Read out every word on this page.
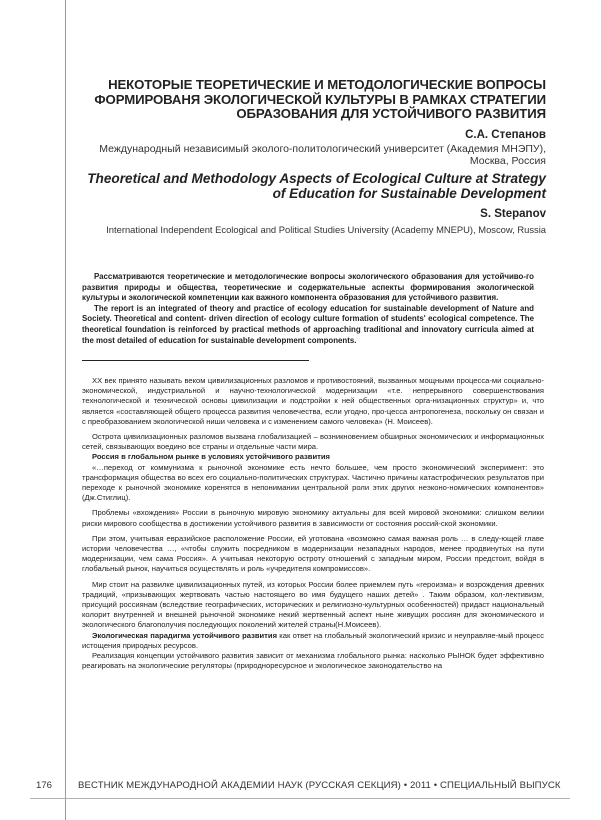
НЕКОТОРЫЕ ТЕОРЕТИЧЕСКИЕ И МЕТОДОЛОГИЧЕСКИЕ ВОПРОСЫ ФОРМИРОВАНЯ ЭКОЛОГИЧЕСКОЙ КУЛЬТУРЫ В РАМКАХ СТРАТЕГИИ ОБРАЗОВАНИЯ ДЛЯ УСТОЙЧИВОГО РАЗВИТИЯ
С.А. Степанов
Международный независимый эколого-политологический университет (Академия МНЭПУ), Москва, Россия
Theoretical and Methodology Aspects of Ecological Culture at Strategy of Education for Sustainable Development
S. Stepanov
International Independent Ecological and Political Studies University (Academy MNEPU), Moscow, Russia

Рассматриваются теоретические и методологические вопросы экологического образования для устойчиво-го развития природы и общества, теоретические и содержательные аспекты формирования экологической культуры и экологической компетенции как важного компонента образования для устойчивого развития.

The report is an integrated of theory and practice of ecology education for sustainable development of Nature and Society. Theoretical and content- driven direction of ecology culture formation of students' ecological competence. The theoretical foundation is reinforced by practical methods of approaching traditional and innovatory curricula aimed at the most detailed of education for sustainable development components.

XX век принято называть веком цивилизационных разломов и противостояний, вызванных мощными процесса-ми социально-экономической, индустриальной и научно-технологической модернизации «т.е. непрерывного совершенствования технологической и технической основы цивилизации и подстройки к ней общественных орга-низационных структур» и, что является «составляющей общего процесса развития человечества, если угодно, про-цесса антропогенеза, поскольку он связан и с преобразованием экологической ниши человека и с изменением самого человека» (Н. Моисеев).

Острота цивилизационных разломов вызвана глобализацией – возникновением обширных экономических и информационных сетей, связывающих воедино все страны и отдельные части мира.

Россия в глобальном рынке в условиях устойчивого развития

«…переход от коммунизма к рыночной экономике есть нечто большее, чем просто экономический эксперимент: это трансформация общества во всех его социально-политических структурах. Частично причины катастрофических результатов при переходе к рыночной экономике коренятся в непонимании центральной роли этих других неэконо-номических компонентов» (Дж.Стиглиц).

Проблемы «вхождения» России в рыночную мировую экономику актуальны для всей мировой экономики: слишком велики риски мирового сообщества в достижении устойчивого развития в зависимости от состояния россий-ской экономики.

При этом, учитывая евразийское расположение России, ей уготована «возможно самая важная роль … в следу-ющей главе истории человечества …, «чтобы служить посредником в модернизации незападных народов, менее продвинутых на пути модернизации, чем сама Россия». А учитывая некоторую остроту отношений с западным миром, России предстоит, войдя в глобальный рынок, научиться осуществлять и роль «учредителя компромиссов».

Мир стоит на развилке цивилизационных путей, из которых России более приемлем путь «героизма» и возрождения древних традиций, «призывающих жертвовать частью настоящего во имя будущего наших детей» . Таким образом, кол-лективизм, присущий россиянам (вследствие географических, исторических и религиозно-культурных особенностей) придаст национальный колорит внутренней и внешней рыночной экономике некий жертвенный аспект ныне живущих россиян для экономического и экологического благополучия последующих поколений жителей страны(Н.Моисеев).

Экологическая парадигма устойчивого развития как ответ на глобальный экологический кризис и неуправляе-мый процесс истощения природных ресурсов.

Реализация концепции устойчивого развития зависит от механизма глобального рынка: насколько РЫНОК будет эффективно реагировать на экологические регуляторы (природноресурсное и экологическое законодательство на

176	ВЕСТНИК МЕЖДУНАРОДНОЙ АКАДЕМИИ НАУК (РУССКАЯ СЕКЦИЯ) • 2011 • СПЕЦИАЛЬНЫЙ ВЫПУСК
